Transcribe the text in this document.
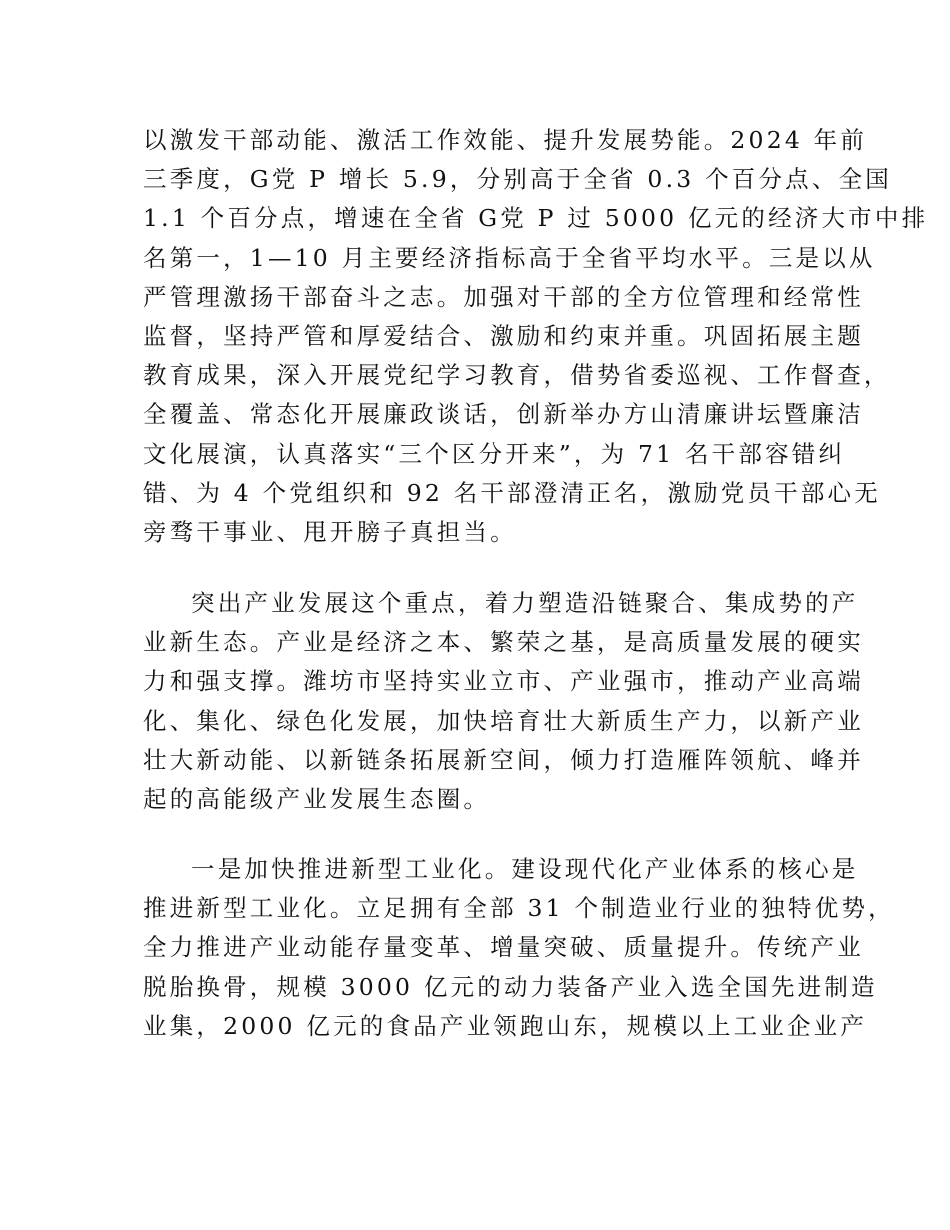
以激发干部动能、激活工作效能、提升发展势能。2024 年前
三季度，G党 P 增长 5.9，分别高于全省 0.3 个百分点、全国
1.1 个百分点，增速在全省 G党 P 过 5000 亿元的经济大市中排
名第一，1—10 月主要经济指标高于全省平均水平。三是以从
严管理激扬干部奋斗之志。加强对干部的全方位管理和经常性
监督，坚持严管和厚爱结合、激励和约束并重。巩固拓展主题
教育成果，深入开展党纪学习教育，借势省委巡视、工作督查，
全覆盖、常态化开展廉政谈话，创新举办方山清廉讲坛暨廉洁
文化展演，认真落实“三个区分开来”，为 71 名干部容错纠
错、为 4 个党组织和 92 名干部澄清正名，激励党员干部心无
旁骛干事业、甩开膀子真担当。
突出产业发展这个重点，着力塑造沿链聚合、集成势的产
业新生态。产业是经济之本、繁荣之基，是高质量发展的硬实
力和强支撑。潍坊市坚持实业立市、产业强市，推动产业高端
化、集化、绿色化发展，加快培育壮大新质生产力，以新产业
壮大新动能、以新链条拓展新空间，倾力打造雁阵领航、峰并
起的高能级产业发展生态圈。
一是加快推进新型工业化。建设现代化产业体系的核心是
推进新型工业化。立足拥有全部 31 个制造业行业的独特优势，
全力推进产业动能存量变革、增量突破、质量提升。传统产业
脱胎换骨，规模 3000 亿元的动力装备产业入选全国先进制造
业集，2000 亿元的食品产业领跑山东，规模以上工业企业产
